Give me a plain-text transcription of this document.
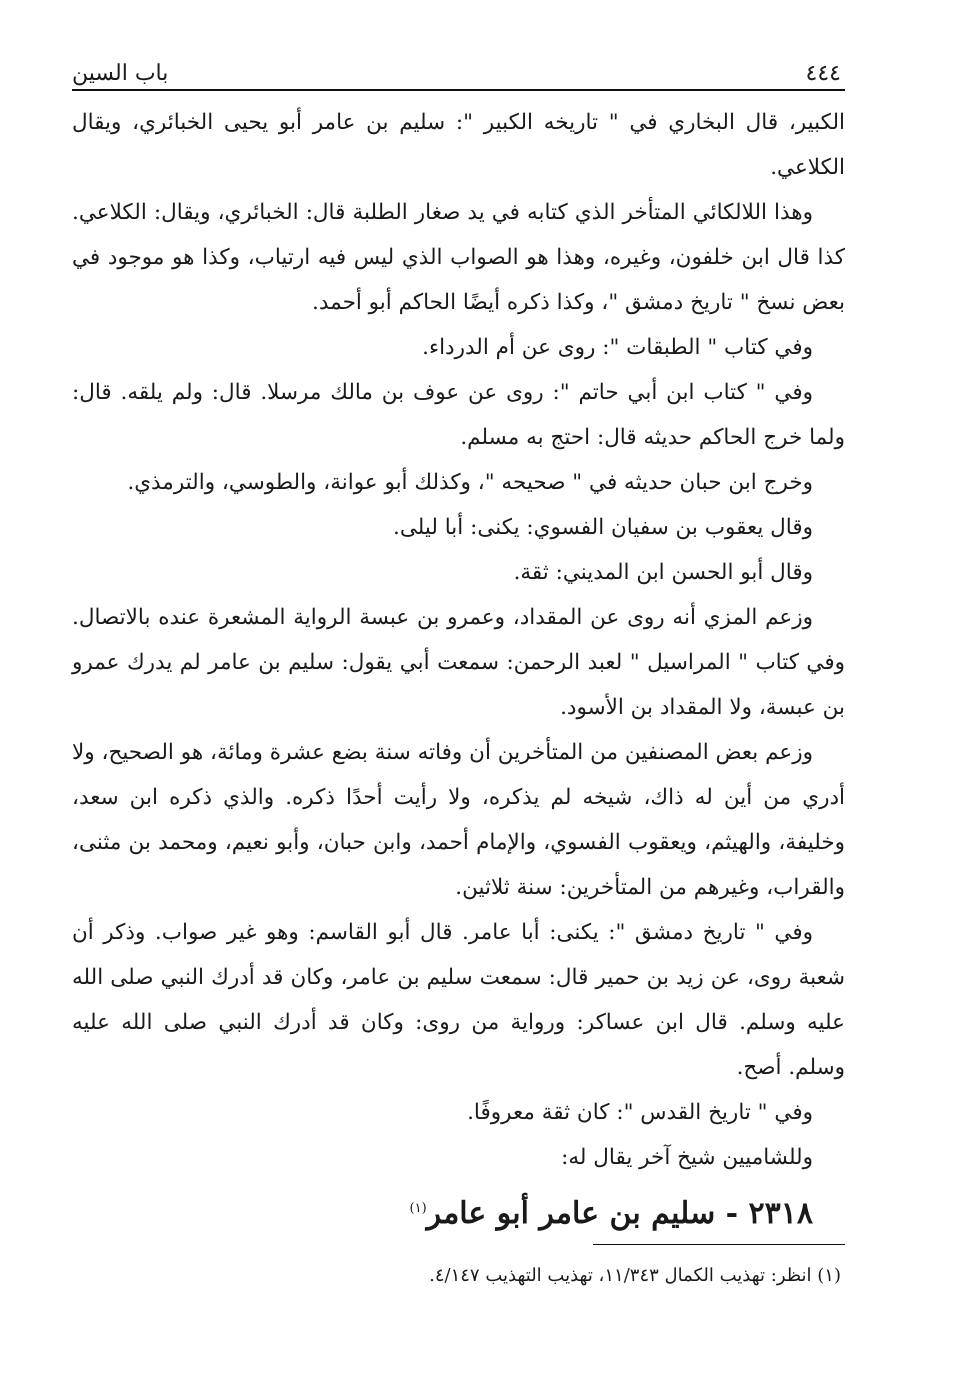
٤٤٤
باب السين

الكبير، قال البخاري في " تاريخه الكبير ": سليم بن عامر أبو يحيى الخبائري، ويقال الكلاعي.

وهذا اللالكائي المتأخر الذي كتابه في يد صغار الطلبة قال: الخبائري، ويقال: الكلاعي. كذا قال ابن خلفون، وغيره، وهذا هو الصواب الذي ليس فيه ارتياب، وكذا هو موجود في بعض نسخ " تاريخ دمشق "، وكذا ذكره أيضًا الحاكم أبو أحمد.

وفي كتاب " الطبقات ": روى عن أم الدرداء.

وفي " كتاب ابن أبي حاتم ": روى عن عوف بن مالك مرسلا. قال: ولم يلقه. قال: ولما خرج الحاكم حديثه قال: احتج به مسلم.

وخرج ابن حبان حديثه في " صحيحه "، وكذلك أبو عوانة، والطوسي، والترمذي.

وقال يعقوب بن سفيان الفسوي: يكنى: أبا ليلى.

وقال أبو الحسن ابن المديني: ثقة.

وزعم المزي أنه روى عن المقداد، وعمرو بن عبسة الرواية المشعرة عنده بالاتصال. وفي كتاب " المراسيل " لعبد الرحمن: سمعت أبي يقول: سليم بن عامر لم يدرك عمرو بن عبسة، ولا المقداد بن الأسود.

وزعم بعض المصنفين من المتأخرين أن وفاته سنة بضع عشرة ومائة، هو الصحيح، ولا أدري من أين له ذاك، شيخه لم يذكره، ولا رأيت أحدًا ذكره. والذي ذكره ابن سعد، وخليفة، والهيثم، ويعقوب الفسوي، والإمام أحمد، وابن حبان، وأبو نعيم، ومحمد بن مثنى، والقراب، وغيرهم من المتأخرين: سنة ثلاثين.

وفي " تاريخ دمشق ": يكنى: أبا عامر. قال أبو القاسم: وهو غير صواب. وذكر أن شعبة روى، عن زيد بن حمير قال: سمعت سليم بن عامر، وكان قد أدرك النبي صلى الله عليه وسلم. قال ابن عساكر: ورواية من روى: وكان قد أدرك النبي صلى الله عليه وسلم. أصح.

وفي " تاريخ القدس ": كان ثقة معروفًا.

وللشاميين شيخ آخر يقال له:

٢٣١٨ - سليم بن عامر أبو عامر$^{(١)}$

(١) انظر: تهذيب الكمال ١١/٣٤٣، تهذيب التهذيب ٤/١٤٧.
